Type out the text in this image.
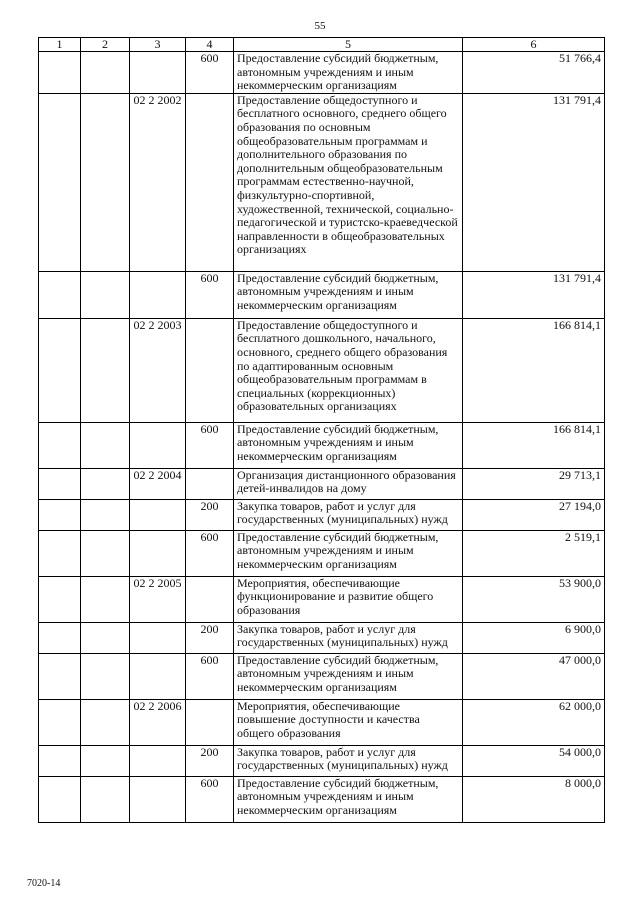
55
1	2	3	4	5	6
			600	Предоставление субсидий бюджетным, автономным учреждениям и иным некоммерческим организациям	51 766,4
		02 2 2002		Предоставление общедоступного и бесплатного основного, среднего общего образования по основным общеобразовательным программам и дополнительного образования по дополнительным общеобразовательным программам естественно-научной, физкультурно-спортивной, художественной, технической, социально-педагогической и туристско-краеведческой направленности в общеобразовательных организациях	131 791,4
			600	Предоставление субсидий бюджетным, автономным учреждениям и иным некоммерческим организациям	131 791,4
		02 2 2003		Предоставление общедоступного и бесплатного дошкольного, начального, основного, среднего общего образования по адаптированным основным общеобразовательным программам в специальных (коррекционных) образовательных организациях	166 814,1
			600	Предоставление субсидий бюджетным, автономным учреждениям и иным некоммерческим организациям	166 814,1
		02 2 2004		Организация дистанционного образования детей-инвалидов на дому	29 713,1
			200	Закупка товаров, работ и услуг для государственных (муниципальных) нужд	27 194,0
			600	Предоставление субсидий бюджетным, автономным учреждениям и иным некоммерческим организациям	2 519,1
		02 2 2005		Мероприятия, обеспечивающие функционирование и развитие общего образования	53 900,0
			200	Закупка товаров, работ и услуг для государственных (муниципальных) нужд	6 900,0
			600	Предоставление субсидий бюджетным, автономным учреждениям и иным некоммерческим организациям	47 000,0
		02 2 2006		Мероприятия, обеспечивающие повышение доступности и качества общего образования	62 000,0
			200	Закупка товаров, работ и услуг для государственных (муниципальных) нужд	54 000,0
			600	Предоставление субсидий бюджетным, автономным учреждениям и иным некоммерческим организациям	8 000,0
7020-14
